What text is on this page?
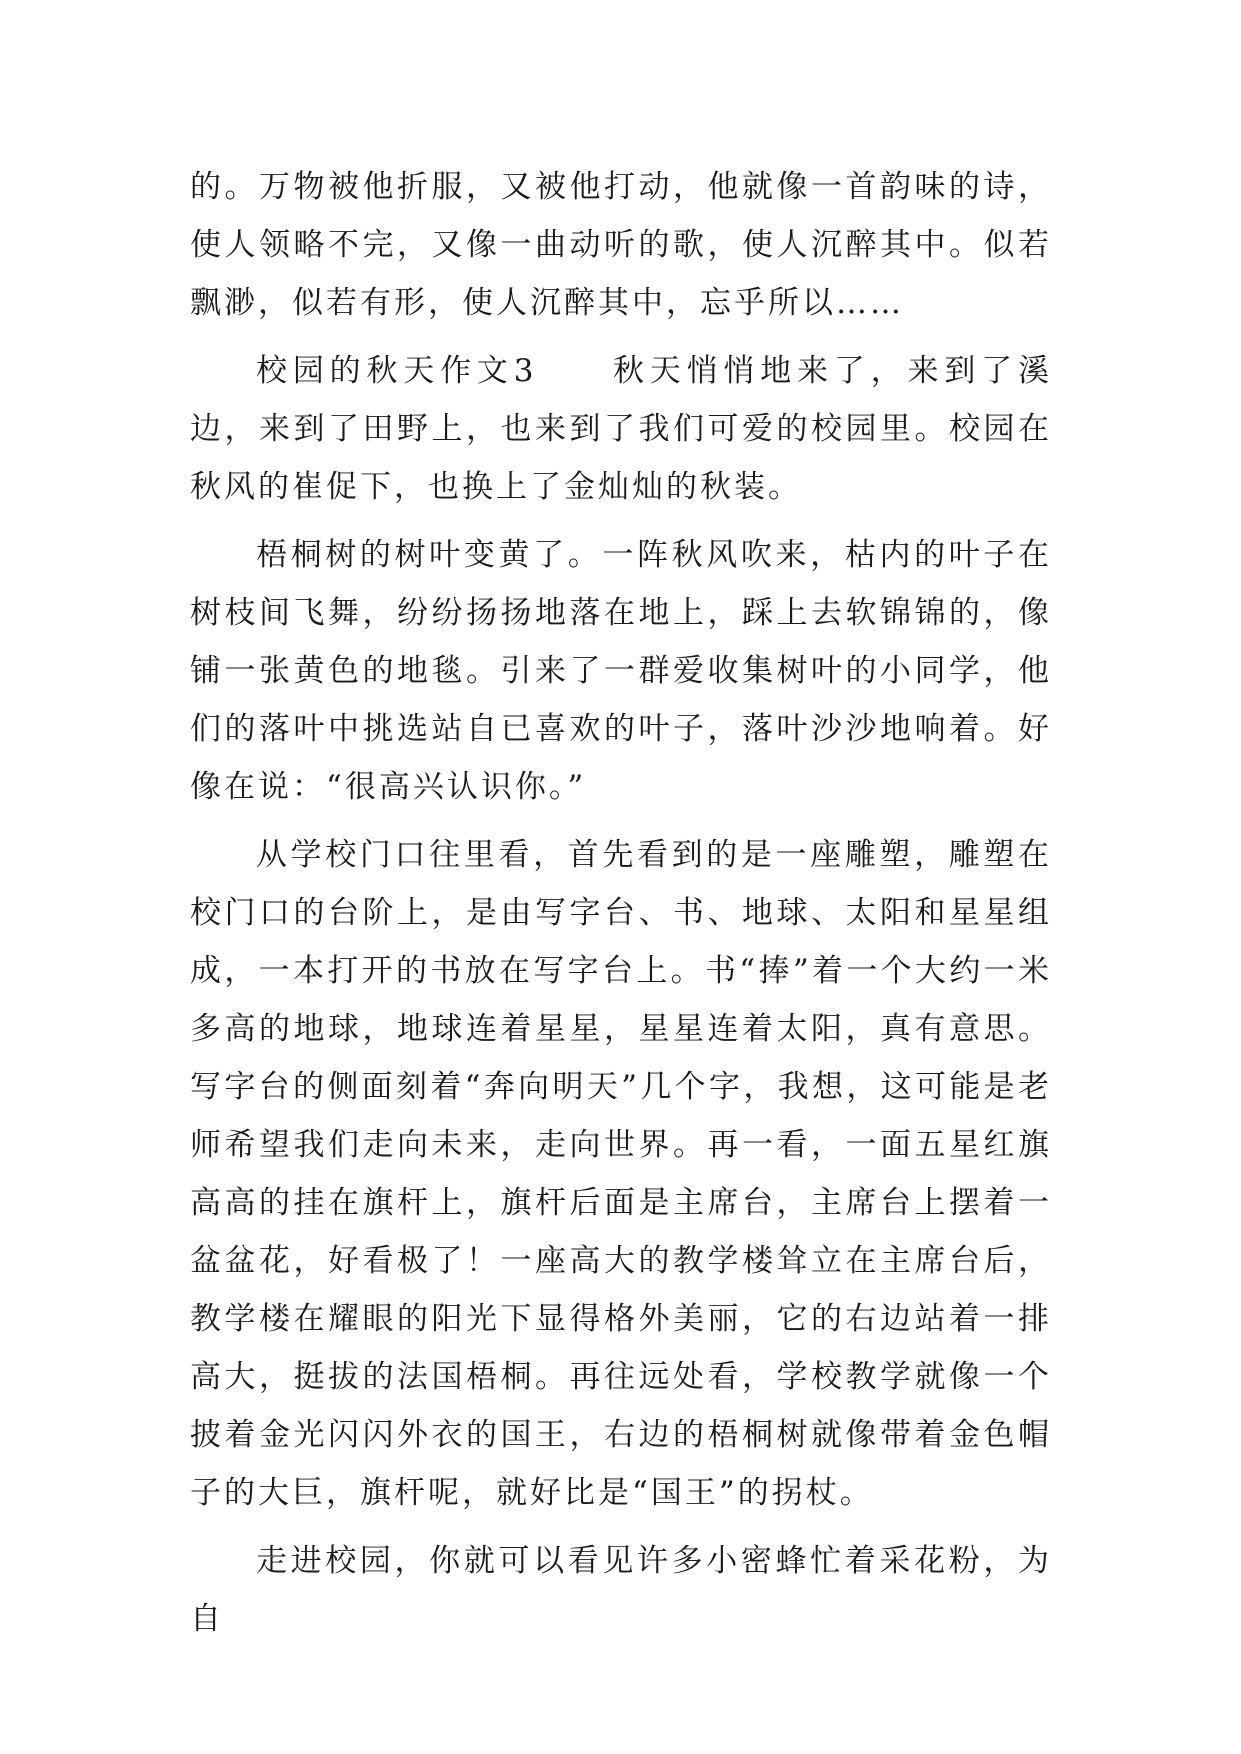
的。万物被他折服，又被他打动，他就像一首韵味的诗，使人领略不完，又像一曲动听的歌，使人沉醉其中。似若飘渺，似若有形，使人沉醉其中，忘乎所以……

校园的秋天作文3　　秋天悄悄地来了，来到了溪边，来到了田野上，也来到了我们可爱的校园里。校园在秋风的崔促下，也换上了金灿灿的秋装。

梧桐树的树叶变黄了。一阵秋风吹来，枯内的叶子在树枝间飞舞，纷纷扬扬地落在地上，踩上去软锦锦的，像铺一张黄色的地毯。引来了一群爱收集树叶的小同学，他们的落叶中挑选站自已喜欢的叶子，落叶沙沙地响着。好像在说：“很高兴认识你。”

从学校门口往里看，首先看到的是一座雕塑，雕塑在校门口的台阶上，是由写字台、书、地球、太阳和星星组成，一本打开的书放在写字台上。书“捧”着一个大约一米多高的地球，地球连着星星，星星连着太阳，真有意思。写字台的侧面刻着“奔向明天”几个字，我想，这可能是老师希望我们走向未来，走向世界。再一看，一面五星红旗高高的挂在旗杆上，旗杆后面是主席台，主席台上摆着一盆盆花，好看极了！一座高大的教学楼耸立在主席台后，教学楼在耀眼的阳光下显得格外美丽，它的右边站着一排高大，挺拔的法国梧桐。再往远处看，学校教学就像一个披着金光闪闪外衣的国王，右边的梧桐树就像带着金色帽子的大巨，旗杆呢，就好比是“国王”的拐杖。

走进校园，你就可以看见许多小密蜂忙着采花粉，为自
